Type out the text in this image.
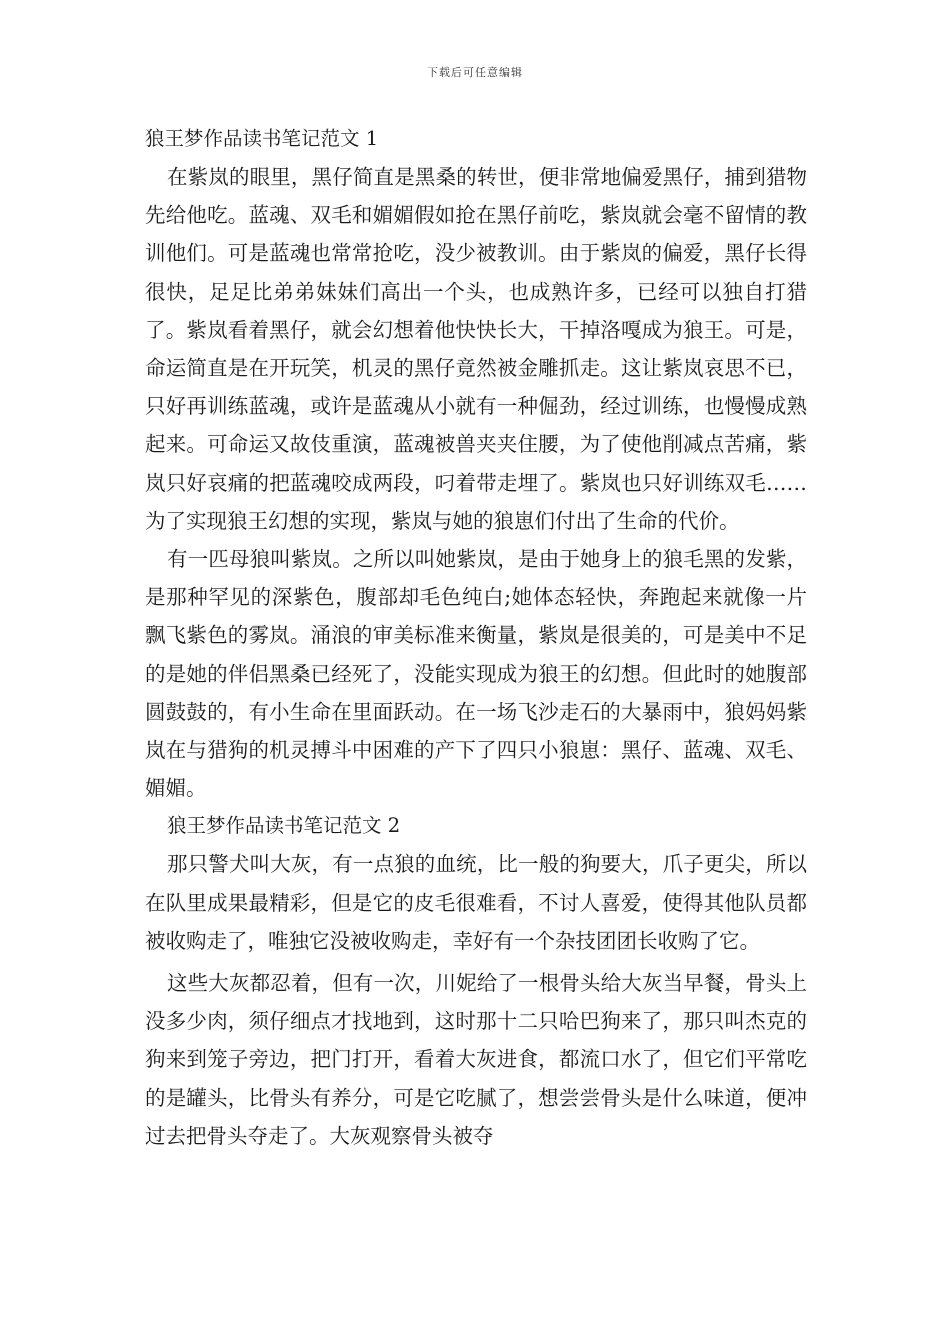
下载后可任意编辑
狼王梦作品读书笔记范文 1

在紫岚的眼里，黑仔简直是黑桑的转世，便非常地偏爱黑仔，捕到猎物先给他吃。蓝魂、双毛和媚媚假如抢在黑仔前吃，紫岚就会毫不留情的教训他们。可是蓝魂也常常抢吃，没少被教训。由于紫岚的偏爱，黑仔长得很快，足足比弟弟妹妹们高出一个头，也成熟许多，已经可以独自打猎了。紫岚看着黑仔，就会幻想着他快快长大，干掉洛嘎成为狼王。可是，命运简直是在开玩笑，机灵的黑仔竟然被金雕抓走。这让紫岚哀思不已，只好再训练蓝魂，或许是蓝魂从小就有一种倔劲，经过训练，也慢慢成熟起来。可命运又故伎重演，蓝魂被兽夹夹住腰，为了使他削减点苦痛，紫岚只好哀痛的把蓝魂咬成两段，叼着带走埋了。紫岚也只好训练双毛……为了实现狼王幻想的实现，紫岚与她的狼崽们付出了生命的代价。

有一匹母狼叫紫岚。之所以叫她紫岚，是由于她身上的狼毛黑的发紫，是那种罕见的深紫色，腹部却毛色纯白;她体态轻快，奔跑起来就像一片飘飞紫色的雾岚。涌浪的审美标准来衡量，紫岚是很美的，可是美中不足的是她的伴侣黑桑已经死了，没能实现成为狼王的幻想。但此时的她腹部圆鼓鼓的，有小生命在里面跃动。在一场飞沙走石的大暴雨中，狼妈妈紫岚在与猎狗的机灵搏斗中困难的产下了四只小狼崽：黑仔、蓝魂、双毛、媚媚。

狼王梦作品读书笔记范文 2

那只警犬叫大灰，有一点狼的血统，比一般的狗要大，爪子更尖，所以在队里成果最精彩，但是它的皮毛很难看，不讨人喜爱，使得其他队员都被收购走了，唯独它没被收购走，幸好有一个杂技团团长收购了它。

这些大灰都忍着，但有一次，川妮给了一根骨头给大灰当早餐，骨头上没多少肉，须仔细点才找地到，这时那十二只哈巴狗来了，那只叫杰克的狗来到笼子旁边，把门打开，看着大灰进食，都流口水了，但它们平常吃的是罐头，比骨头有养分，可是它吃腻了，想尝尝骨头是什么味道，便冲过去把骨头夺走了。大灰观察骨头被夺
